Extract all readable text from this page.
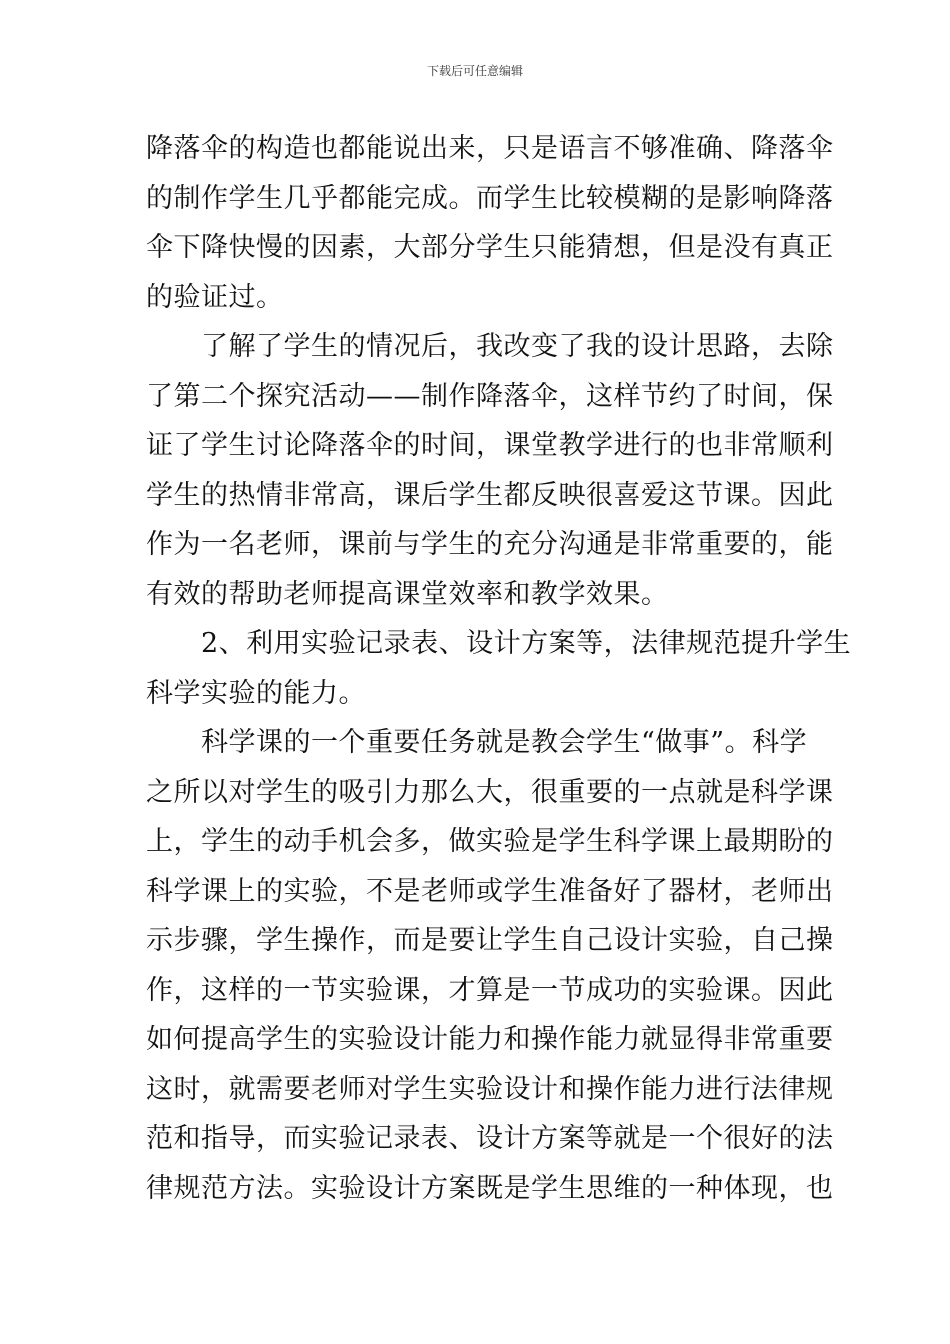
下载后可任意编辑
降落伞的构造也都能说出来，只是语言不够准确、降落伞
的制作学生几乎都能完成。而学生比较模糊的是影响降落
伞下降快慢的因素，大部分学生只能猜想，但是没有真正
的验证过。
　　了解了学生的情况后，我改变了我的设计思路，去除
了第二个探究活动——制作降落伞，这样节约了时间，保
证了学生讨论降落伞的时间，课堂教学进行的也非常顺利
学生的热情非常高，课后学生都反映很喜爱这节课。因此
作为一名老师，课前与学生的充分沟通是非常重要的，能
有效的帮助老师提高课堂效率和教学效果。
　　2、利用实验记录表、设计方案等，法律规范提升学生
科学实验的能力。
　　科学课的一个重要任务就是教会学生“做事”。科学
之所以对学生的吸引力那么大，很重要的一点就是科学课
上，学生的动手机会多，做实验是学生科学课上最期盼的
科学课上的实验，不是老师或学生准备好了器材，老师出
示步骤，学生操作，而是要让学生自己设计实验，自己操
作，这样的一节实验课，才算是一节成功的实验课。因此
如何提高学生的实验设计能力和操作能力就显得非常重要
这时，就需要老师对学生实验设计和操作能力进行法律规
范和指导，而实验记录表、设计方案等就是一个很好的法
律规范方法。实验设计方案既是学生思维的一种体现，也
